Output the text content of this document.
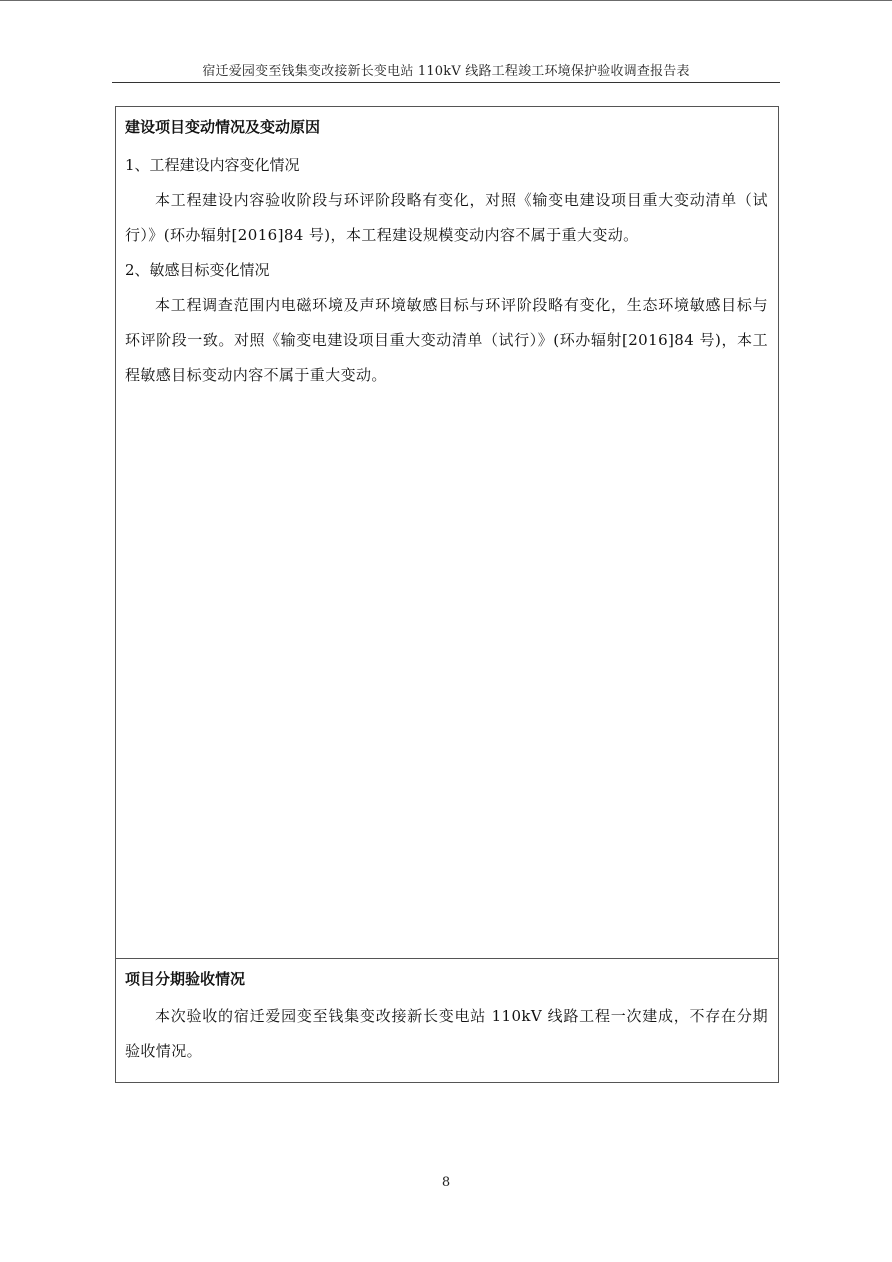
宿迁爱园变至钱集变改接新长变电站 110kV 线路工程竣工环境保护验收调查报告表
建设项目变动情况及变动原因
1、工程建设内容变化情况

本工程建设内容验收阶段与环评阶段略有变化，对照《输变电建设项目重大变动清单（试行）》(环办辐射[2016]84 号)，本工程建设规模变动内容不属于重大变动。

2、敏感目标变化情况

本工程调查范围内电磁环境及声环境敏感目标与环评阶段略有变化，生态环境敏感目标与环评阶段一致。对照《输变电建设项目重大变动清单（试行）》(环办辐射[2016]84 号)，本工程敏感目标变动内容不属于重大变动。

项目分期验收情况

本次验收的宿迁爱园变至钱集变改接新长变电站 110kV 线路工程一次建成，不存在分期验收情况。

8
